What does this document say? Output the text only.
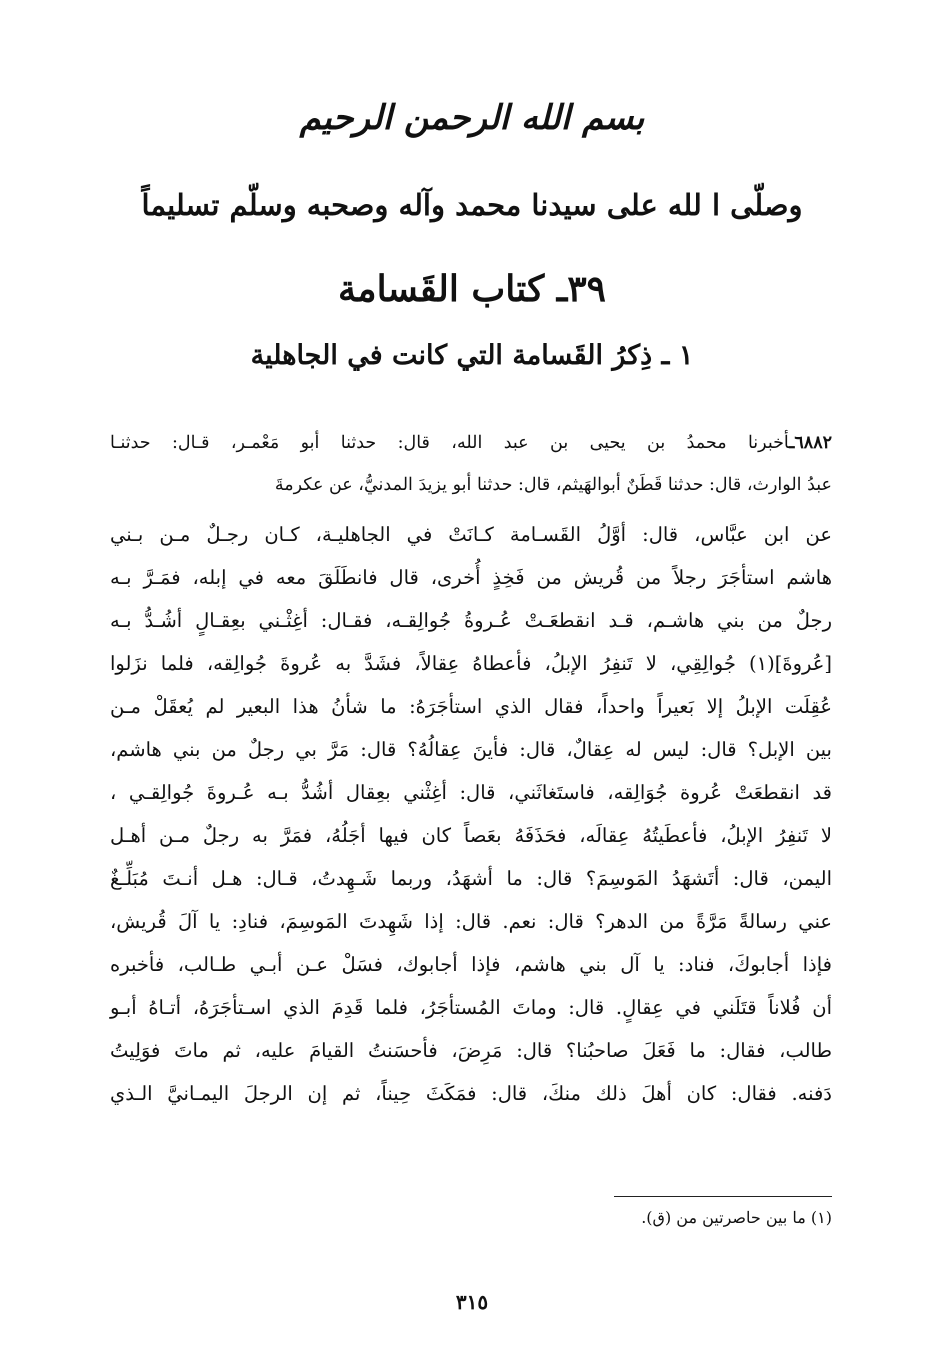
بسم الله الرحمن الرحيم
وصلّى ا لله على سيدنا محمد وآله وصحبه وسلّم تسليماً
٣٩ـ كتاب القَسامة
١ ـ ذِكرُ القَسامة التي كانت في الجاهلية
٦٨٨٢ـأخبرنا محمدُ بن يحيى بن عبد الله، قال: حدثنا أبو مَعْمـر، قـال: حدثنـا
عبدُ الوارث، قال: حدثنا قَطَنٌ أبوالهَيثم، قال: حدثنا أبو يزيدَ المدنيُّ، عن عكرمةَ
عن ابن عبَّاس، قال: أوَّلُ القَسـامة كـانَتْ في الجاهليـة، كـان رجـلٌ مـن بـني
هاشم استأجَرَ رجلاً من قُريش من فَخِذٍ أُخرى، قال فانطَلَقَ معه في إبله، فمَـرَّ بـه
رجلٌ من بني هاشـم، قـد انقطعَـتْ عُـروةُ جُوالِقـه، فقـال: أغِثْـني بعِقـالٍ أشُـدُّ بـه
[عُروةَ](١) جُوالِقِي، لا تَنفِرُ الإبلُ، فأعطاهُ عِقالاً، فشَدَّ به عُروةَ جُوالِقه، فلما نزَلوا
عُقِلَت الإبلُ إلا بَعيراً واحداً، فقال الذي استأجَرَهُ: ما شأنُ هذا البعير لم يُعقَلْ مـن
بين الإبل؟ قال: ليس له عِقالٌ، قال: فأينَ عِقالُهُ؟ قال: مَرَّ بي رجلٌ من بني هاشم،
قد انقطعَتْ عُروة جُوَالِقه، فاستَغاثَني، قال: أغِثْني بعِقال أشُدُّ بـه عُـروةَ جُوالِقـي ،
لا تَنفِرُ الإبلُ، فأعطَيتُهُ عِقالَه، فحَذَفَهُ بعَصاً كان فيها أجَلُهُ، فمَرَّ به رجلٌ مـن أهـل
اليمن، قال: أتَشهَدُ المَوسِمَ؟ قال: ما أشهَدُ، وربما شَـهِدتُ، قـال: هـل أنـتَ مُبَلِّـغٌ
عني رسالةً مَرَّةً من الدهر؟ قال: نعم. قال: إذا شَهِدتَ المَوسِمَ، فنادِ: يا آلَ قُريش،
فإذا أجابوكَ، فناد: يا آل بني هاشم، فإذا أجابوك، فسَلْ عـن أبـي طـالب، فأخبره
أن فُلاناً قتَلَني في عِقالٍ. قال: وماتَ المُستأجَرُ، فلما قَدِمَ الذي اسـتأجَرَهُ، أتـاهُ أبـو
طالب، فقال: ما فَعَلَ صاحبُنا؟ قال: مَرِضَ، فأحسَنتُ القيامَ عليه، ثم ماتَ فوَلِيتُ
دَفنه. فقال: كان أهلَ ذلك منكَ، قال: فمَكَثَ حِيناً، ثم إن الرجلَ اليمـانيَّ الـذي
(١) ما بين حاصرتين من (ق).
٣١٥
